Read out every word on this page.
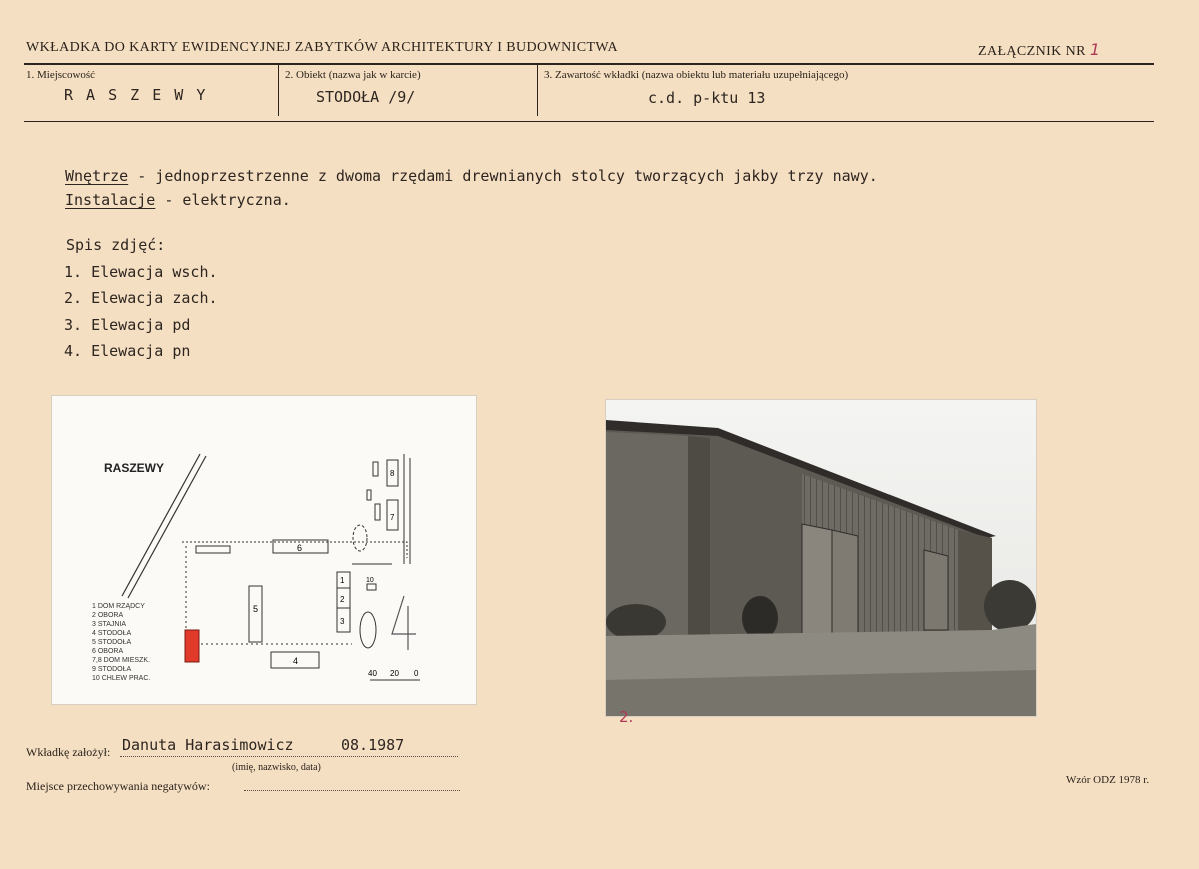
WKŁADKA DO KARTY EWIDENCYJNEJ ZABYTKÓW ARCHITEKTURY I BUDOWNICTWA	ZAŁĄCZNIK NR 1
1. Miejscowość
R A S Z E W Y
2. Obiekt (nazwa jak w karcie)
STODOŁA /9/
3. Zawartość wkładki (nazwa obiektu lub materiału uzupełniającego)
c.d. p-ktu 13
Wnętrze - jednoprzestrzenne z dwoma rzędami drewnianych stolcy tworzących jakby trzy nawy.
Instalacje - elektryczna.
Spis zdjęć:
1. Elewacja wsch.
2. Elewacja zach.
3. Elewacja pd
4. Elewacja pn
RASZEWY
6
5
4
3
2
1
8
7
10
40 20 0
1 DOM RZĄDCY
2 OBORA
3 STAJNIA
4 STODOŁA
5 STODOŁA
6 OBORA
7,8 DOM MIESZK.
9 STODOŁA
10 CHLEW PRAC.
2.
Wkładkę założył: Danuta Harasimowicz	08.1987
(imię, nazwisko, data)
Miejsce przechowywania negatywów:	Wzór ODZ 1978 r.
